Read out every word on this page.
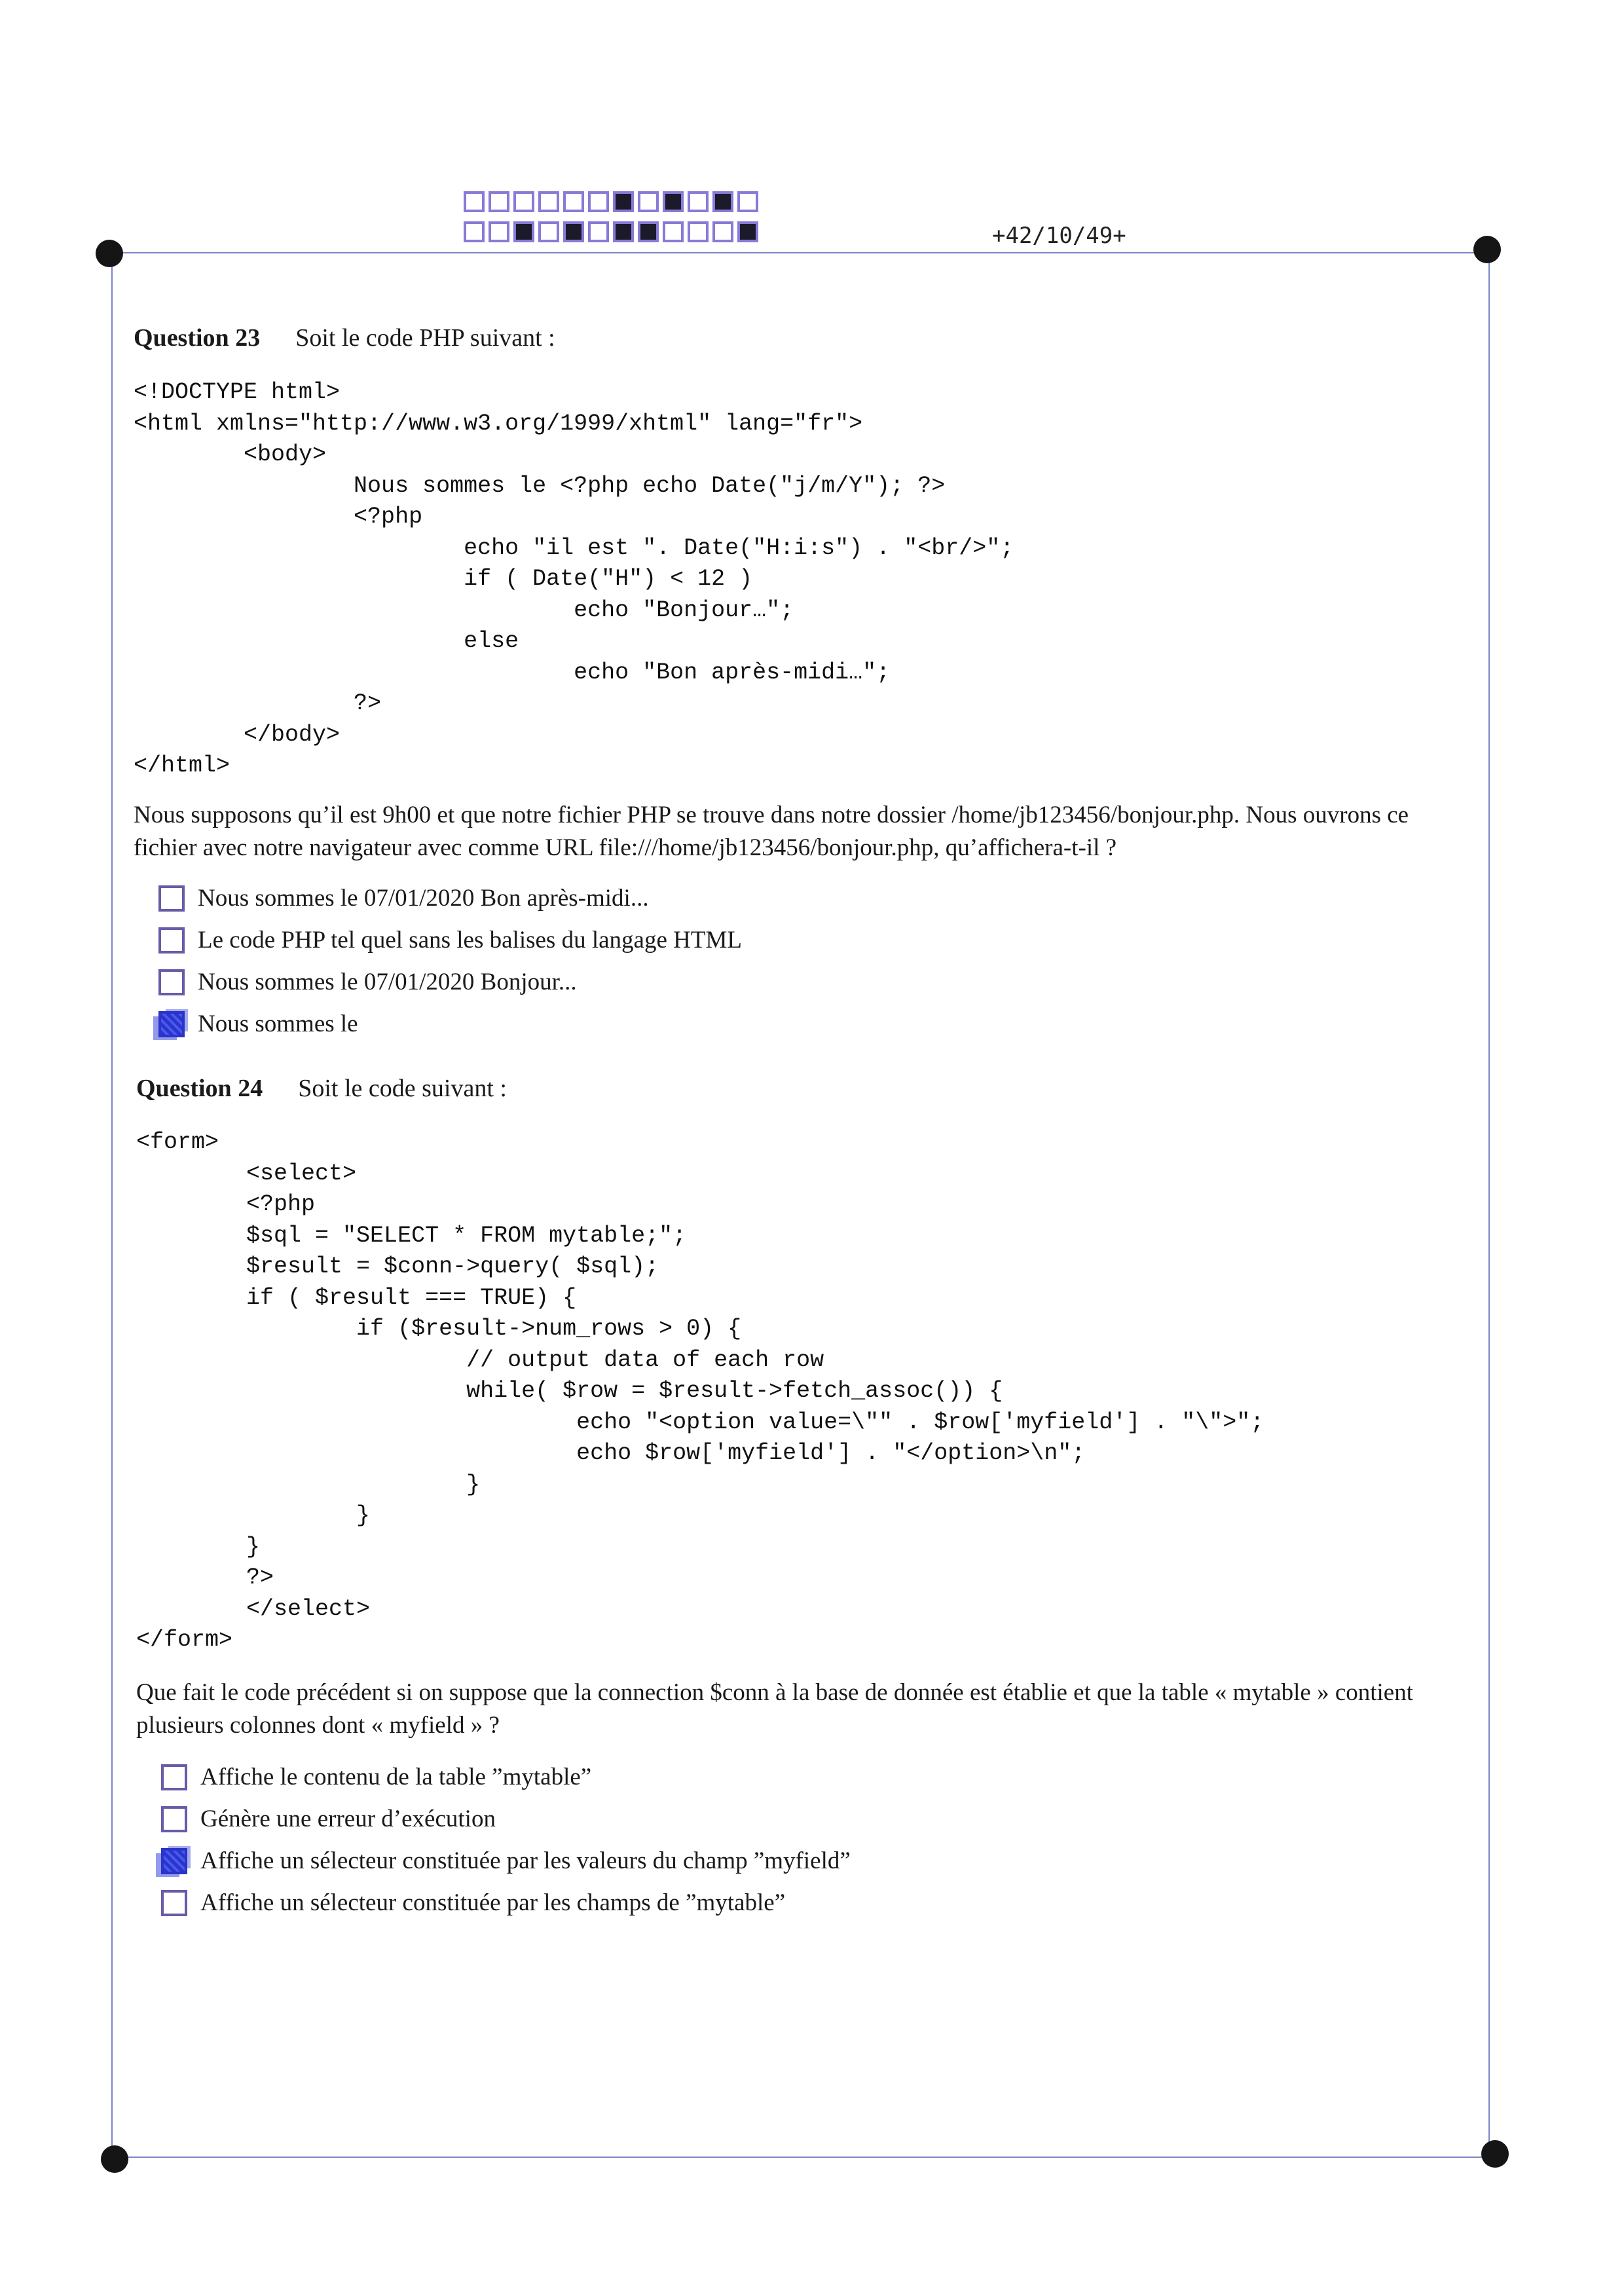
+42/10/49+
Question 23 Soit le code PHP suivant :
<!DOCTYPE html>
<html xmlns="http://www.w3.org/1999/xhtml" lang="fr">
<body>
Nous sommes le <?php echo Date("j/m/Y"); ?>
<?php
echo "il est ". Date("H:i:s") . "<br/>";
if ( Date("H") < 12 )
echo "Bonjour…";
else
echo "Bon après-midi…";
?>
</body>
</html>
Nous supposons qu’il est 9h00 et que notre fichier PHP se trouve dans notre dossier /home/jb123456/bonjour.php. Nous ouvrons ce fichier avec notre navigateur avec comme URL file:///home/jb123456/bonjour.php, qu’affichera-t-il ?
Nous sommes le 07/01/2020 Bon après-midi...
Le code PHP tel quel sans les balises du langage HTML
Nous sommes le 07/01/2020 Bonjour...
Nous sommes le
Question 24 Soit le code suivant :
<form>
<select>
<?php
$sql = "SELECT * FROM mytable;";
$result = $conn->query( $sql);
if ( $result === TRUE) {
if ($result->num_rows > 0) {
// output data of each row
while( $row = $result->fetch_assoc()) {
echo "<option value=\"" . $row['myfield'] . "\">";
echo $row['myfield'] . "</option>\n";
}
}
}
?>
</select>
</form>
Que fait le code précédent si on suppose que la connection $conn à la base de donnée est établie et que la table « mytable » contient plusieurs colonnes dont « myfield » ?
Affiche le contenu de la table ”mytable”
Génère une erreur d’exécution
Affiche un sélecteur constituée par les valeurs du champ ”myfield”
Affiche un sélecteur constituée par les champs de ”mytable”
